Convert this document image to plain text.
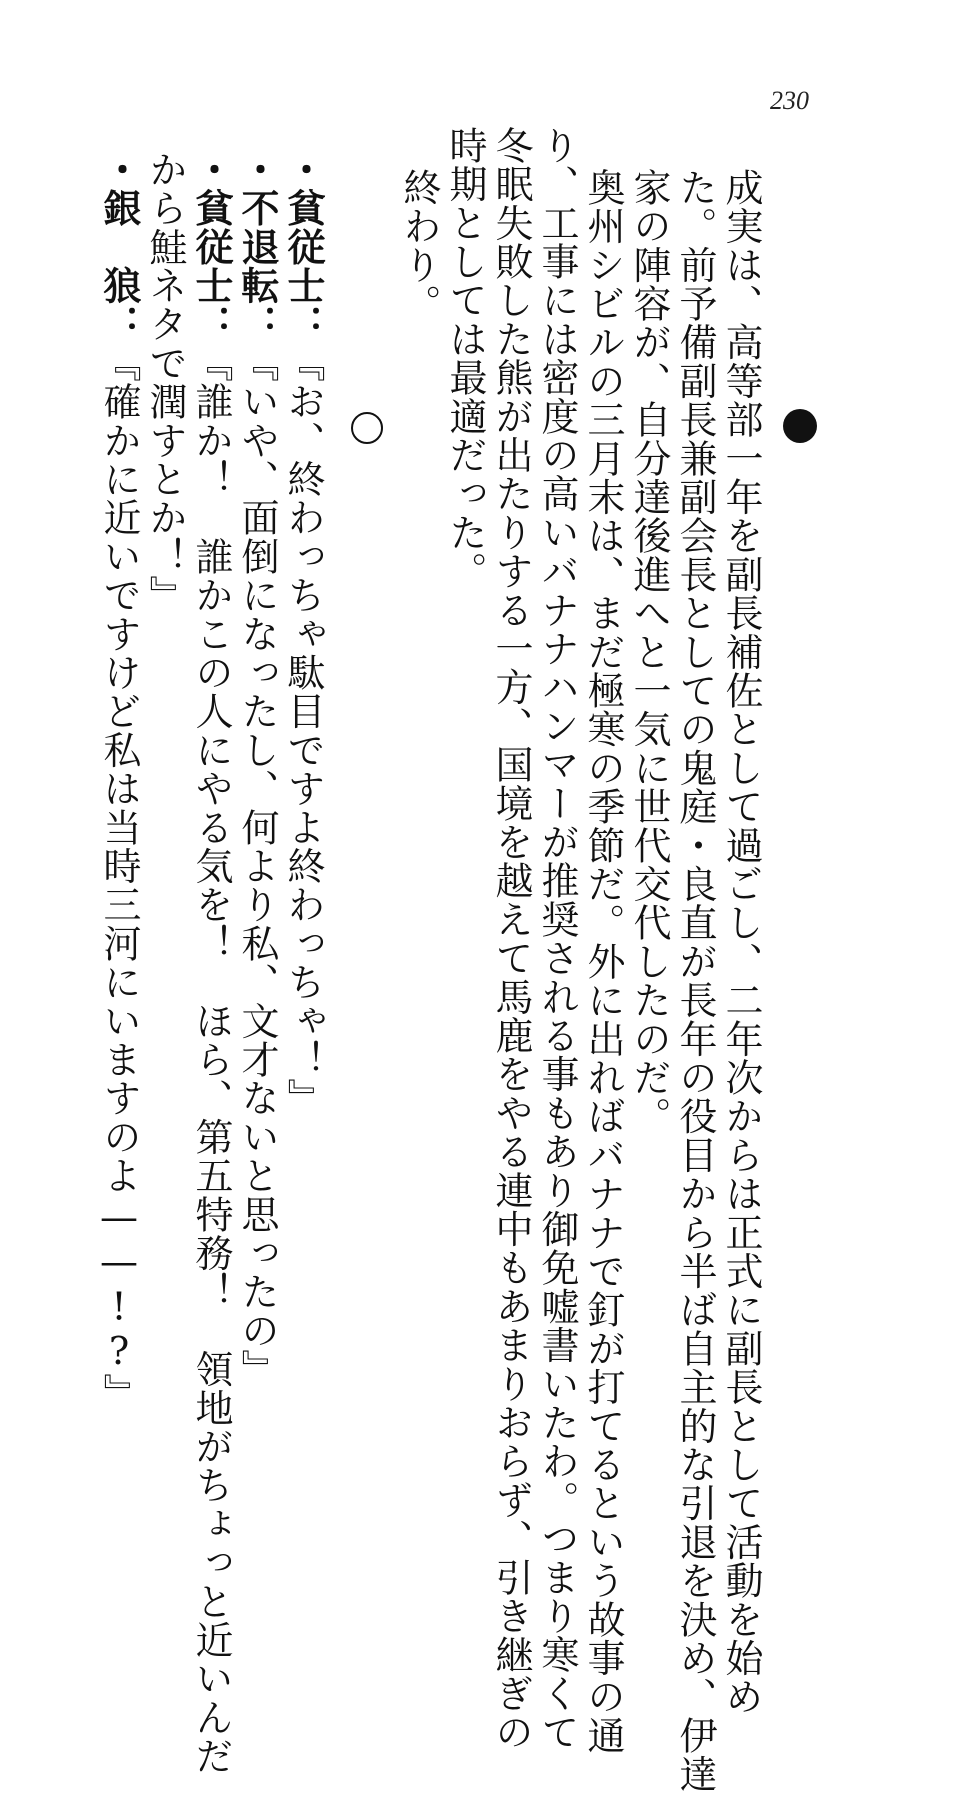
230
成実は、高等部一年を副長補佐として過ごし、二年次からは正式に副長として活動を始め
た。前予備副長兼副会長としての鬼庭・良直が長年の役目から半ば自主的な引退を決め、伊達
家の陣容が、自分達後進へと一気に世代交代したのだ。
奥州シビルの三月末は、まだ極寒の季節だ。外に出ればバナナで釘が打てるという故事の通
り、工事には密度の高いバナナハンマーが推奨される事もあり御免嘘書いたわ。つまり寒くて
冬眠失敗した熊が出たりする一方、国境を越えて馬鹿をやる連中もあまりおらず、引き継ぎの
時期としては最適だった。
終わり。
・貧従士：『お、終わっちゃ駄目ですよ終わっちゃ！』
・不退転：『いや、面倒になったし、何より私、文才ないと思ったの』
・貧従士：『誰か！　誰かこの人にやる気を！　ほら、第五特務！　領地がちょっと近いんだ
から鮭ネタで潤すとか！』
・銀　狼：『確かに近いですけど私は当時三河にいますのよ——!?』
